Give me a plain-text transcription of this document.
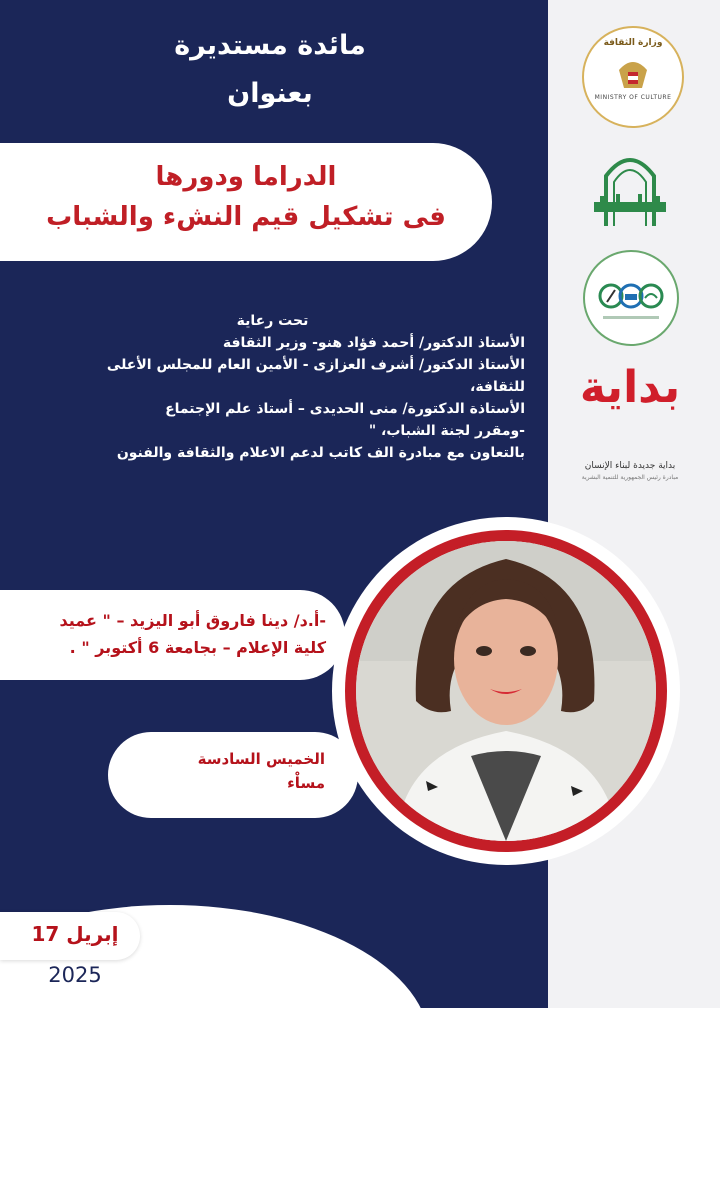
مائدة مستديرة
بعنوان
الدراما ودورها
فى تشكيل قيم النشء والشباب
تحت رعاية
الأستاذ الدكتور/ أحمد فؤاد هنو- وزير الثقافة
الأستاذ الدكتور/ أشرف العزازى - الأمين العام للمجلس الأعلى
للثقافة،
الأستاذة الدكتورة/ منى الحديدى – أستاذ علم الإجتماع
-ومقرر لجنة الشباب، "
بالتعاون مع مبادرة الف كاتب لدعم الاعلام والثقافة والفنون
-أ.د/ دينا فاروق أبو اليزيد – " عميد
كلية الإعلام – بجامعة 6 أكتوبر " .
الخميس السادسة
مساْء
إبريل 17
2025
وزارة الثقافة
MINISTRY OF CULTURE
بداية
بداية جديدة لبناء الإنسان
مبادرة رئيس الجمهورية للتنمية البشرية
